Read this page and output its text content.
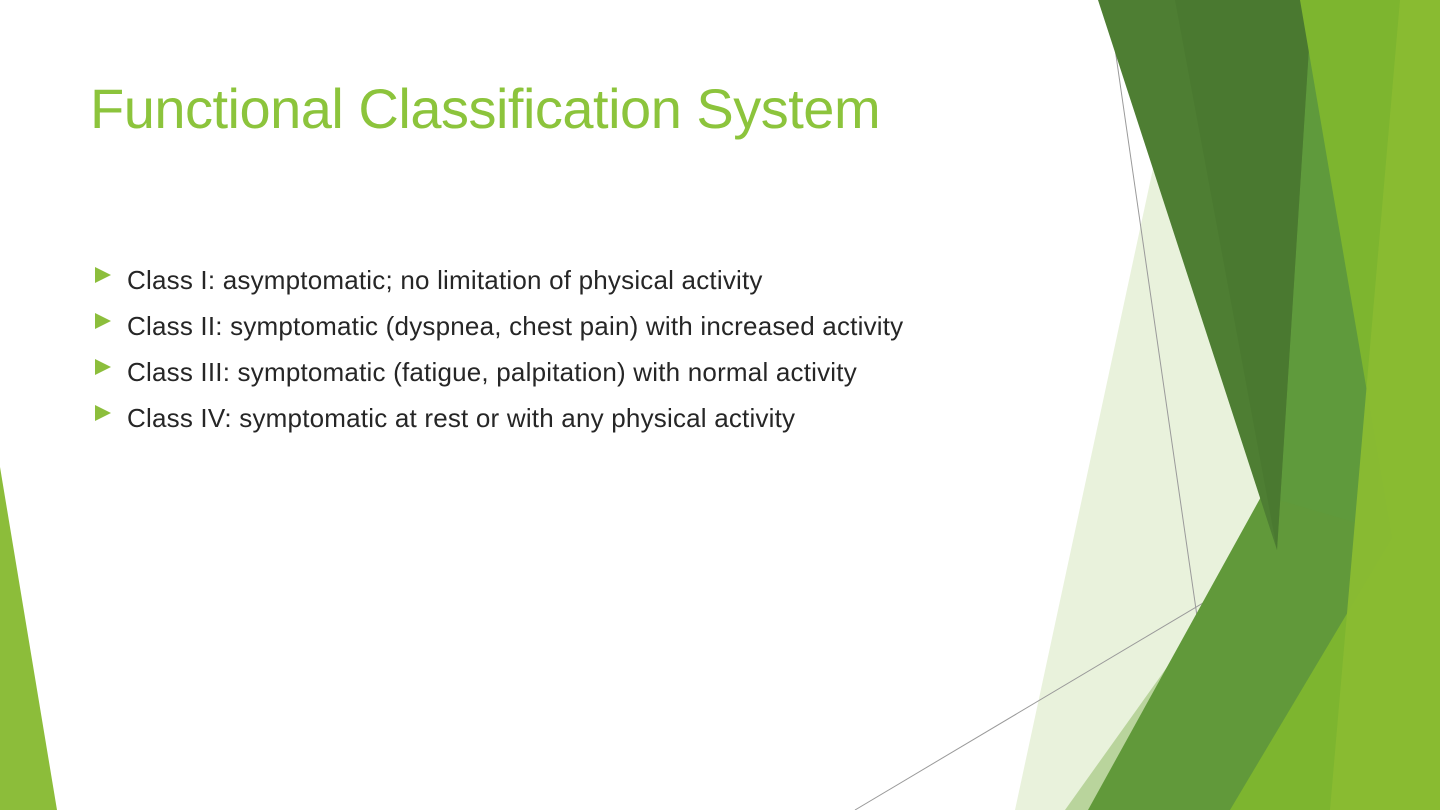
Functional Classification System
Class I: asymptomatic; no limitation of physical activity
Class II: symptomatic (dyspnea, chest pain) with increased activity
Class III: symptomatic (fatigue, palpitation) with normal activity
Class IV: symptomatic at rest or with any physical activity
